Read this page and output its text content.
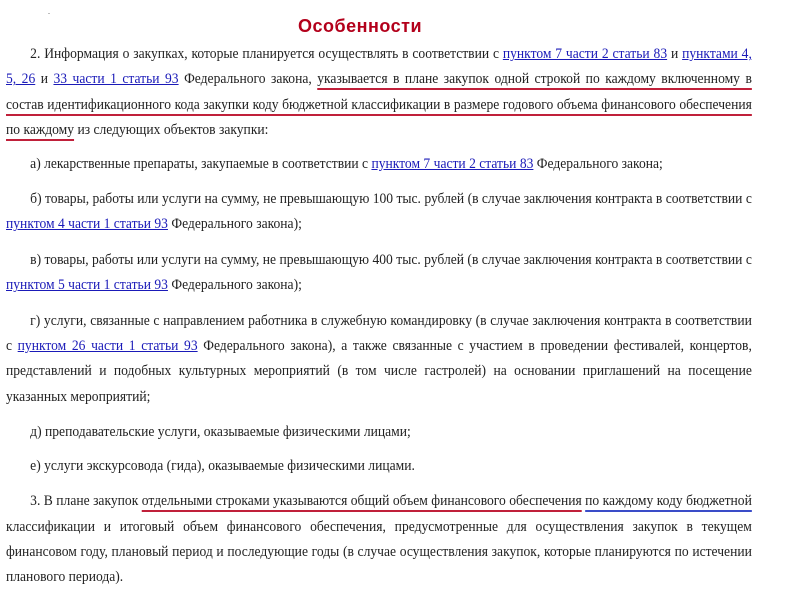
.
Особенности

2. Информация о закупках, которые планируется осуществлять в соответствии с пунктом 7 части 2 статьи 83 и пунктами 4, 5, 26 и 33 части 1 статьи 93 Федерального закона, указывается в плане закупок одной строкой по каждому включенному в состав идентификационного кода закупки коду бюджетной классификации в размере годового объема финансового обеспечения по каждому из следующих объектов закупки:

а) лекарственные препараты, закупаемые в соответствии с пунктом 7 части 2 статьи 83 Федерального закона;

б) товары, работы или услуги на сумму, не превышающую 100 тыс. рублей (в случае заключения контракта в соответствии с пунктом 4 части 1 статьи 93 Федерального закона);

в) товары, работы или услуги на сумму, не превышающую 400 тыс. рублей (в случае заключения контракта в соответствии с пунктом 5 части 1 статьи 93 Федерального закона);

г) услуги, связанные с направлением работника в служебную командировку (в случае заключения контракта в соответствии с пунктом 26 части 1 статьи 93 Федерального закона), а также связанные с участием в проведении фестивалей, концертов, представлений и подобных культурных мероприятий (в том числе гастролей) на основании приглашений на посещение указанных мероприятий;

д) преподавательские услуги, оказываемые физическими лицами;

е) услуги экскурсовода (гида), оказываемые физическими лицами.

3. В плане закупок отдельными строками указываются общий объем финансового обеспечения по каждому коду бюджетной классификации и итоговый объем финансового обеспечения, предусмотренные для осуществления закупок в текущем финансовом году, плановый период и последующие годы (в случае осуществления закупок, которые планируются по истечении планового периода).
